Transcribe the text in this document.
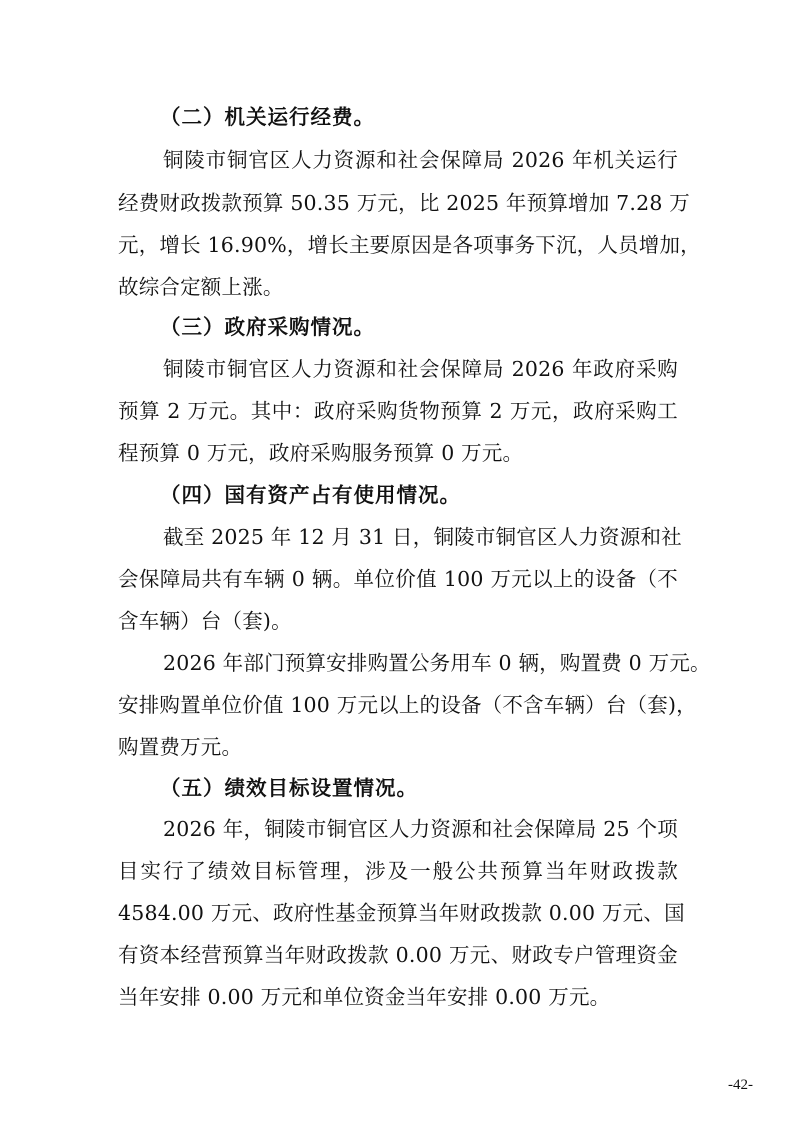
（二）机关运行经费。
铜陵市铜官区人力资源和社会保障局 2026 年机关运行
经费财政拨款预算 50.35 万元，比 2025 年预算增加 7.28 万
元，增长 16.90%，增长主要原因是各项事务下沉，人员增加，
故综合定额上涨。
（三）政府采购情况。
铜陵市铜官区人力资源和社会保障局 2026 年政府采购
预算 2 万元。其中：政府采购货物预算 2 万元，政府采购工
程预算 0 万元，政府采购服务预算 0 万元。
（四）国有资产占有使用情况。
截至 2025 年 12 月 31 日，铜陵市铜官区人力资源和社
会保障局共有车辆 0 辆。单位价值 100 万元以上的设备（不
含车辆）台（套)。
2026 年部门预算安排购置公务用车 0 辆，购置费 0 万元。
安排购置单位价值 100 万元以上的设备（不含车辆）台（套)，
购置费万元。
（五）绩效目标设置情况。
2026 年，铜陵市铜官区人力资源和社会保障局 25 个项
目实行了绩效目标管理，涉及一般公共预算当年财政拨款
4584.00 万元、政府性基金预算当年财政拨款 0.00 万元、国
有资本经营预算当年财政拨款 0.00 万元、财政专户管理资金
当年安排 0.00 万元和单位资金当年安排 0.00 万元。
-42-
